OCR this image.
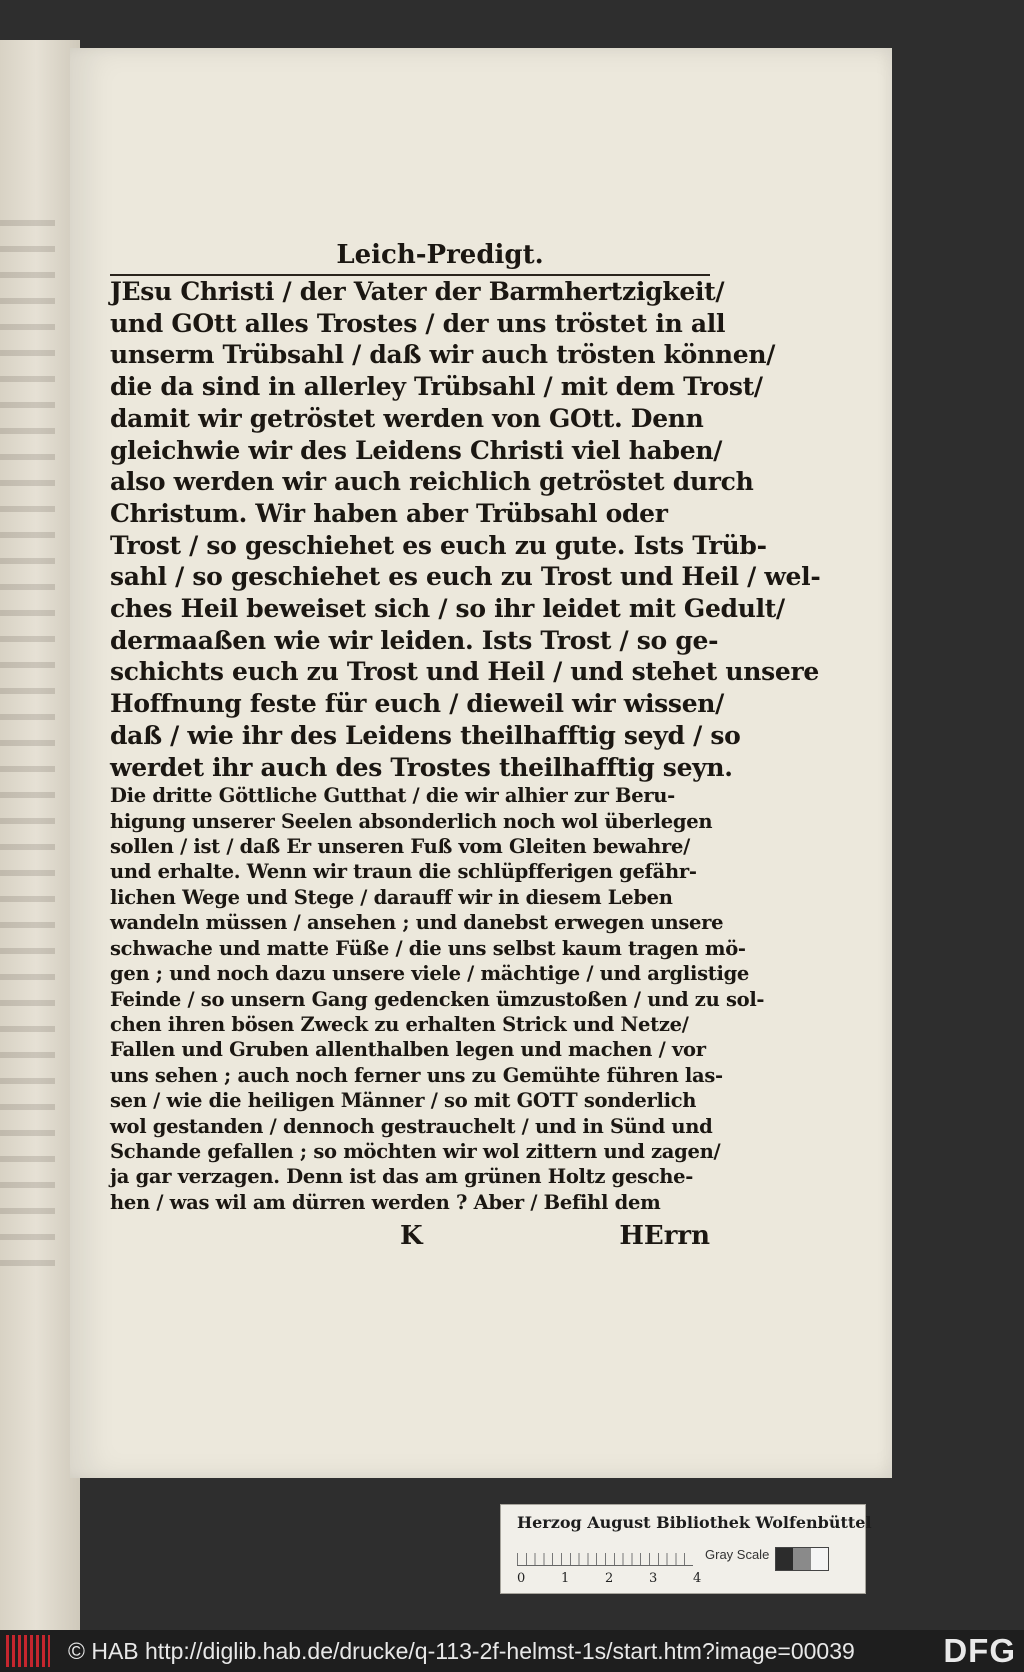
Leich-Predigt.
JEsu Christi / der Vater der Barmhertzigkeit/
und GOtt alles Trostes / der uns tröstet in all
unserm Trübsahl / daß wir auch trösten können/
die da sind in allerley Trübsahl / mit dem Trost/
damit wir getröstet werden von GOtt. Denn
gleichwie wir des Leidens Christi viel haben/
also werden wir auch reichlich getröstet durch
Christum. Wir haben aber Trübsahl oder
Trost / so geschiehet es euch zu gute. Ists Trüb-
sahl / so geschiehet es euch zu Trost und Heil / wel-
ches Heil beweiset sich / so ihr leidet mit Gedult/
dermaaßen wie wir leiden. Ists Trost / so ge-
schichts euch zu Trost und Heil / und stehet unsere
Hoffnung feste für euch / dieweil wir wissen/
daß / wie ihr des Leidens theilhafftig seyd / so
werdet ihr auch des Trostes theilhafftig seyn.
Die dritte Göttliche Gutthat / die wir alhier zur Beru-
higung unserer Seelen absonderlich noch wol überlegen
sollen / ist / daß Er unseren Fuß vom Gleiten bewahre/
und erhalte. Wenn wir traun die schlüpfferigen gefähr-
lichen Wege und Stege / darauff wir in diesem Leben
wandeln müssen / ansehen ; und danebst erwegen unsere
schwache und matte Füße / die uns selbst kaum tragen mö-
gen ; und noch dazu unsere viele / mächtige / und arglistige
Feinde / so unsern Gang gedencken ümzustoßen / und zu sol-
chen ihren bösen Zweck zu erhalten Strick und Netze/
Fallen und Gruben allenthalben legen und machen / vor
uns sehen ; auch noch ferner uns zu Gemühte führen las-
sen / wie die heiligen Männer / so mit GOTT sonderlich
wol gestanden / dennoch gestrauchelt / und in Sünd und
Schande gefallen ; so möchten wir wol zittern und zagen/
ja gar verzagen. Denn ist das am grünen Holtz gesche-
hen / was wil am dürren werden ? Aber / Befihl dem
K	HErrn
Herzog August Bibliothek Wolfenbüttel
0	1	2	3	4
Gray Scale
© HAB http://diglib.hab.de/drucke/q-113-2f-helmst-1s/start.htm?image=00039	DFG
